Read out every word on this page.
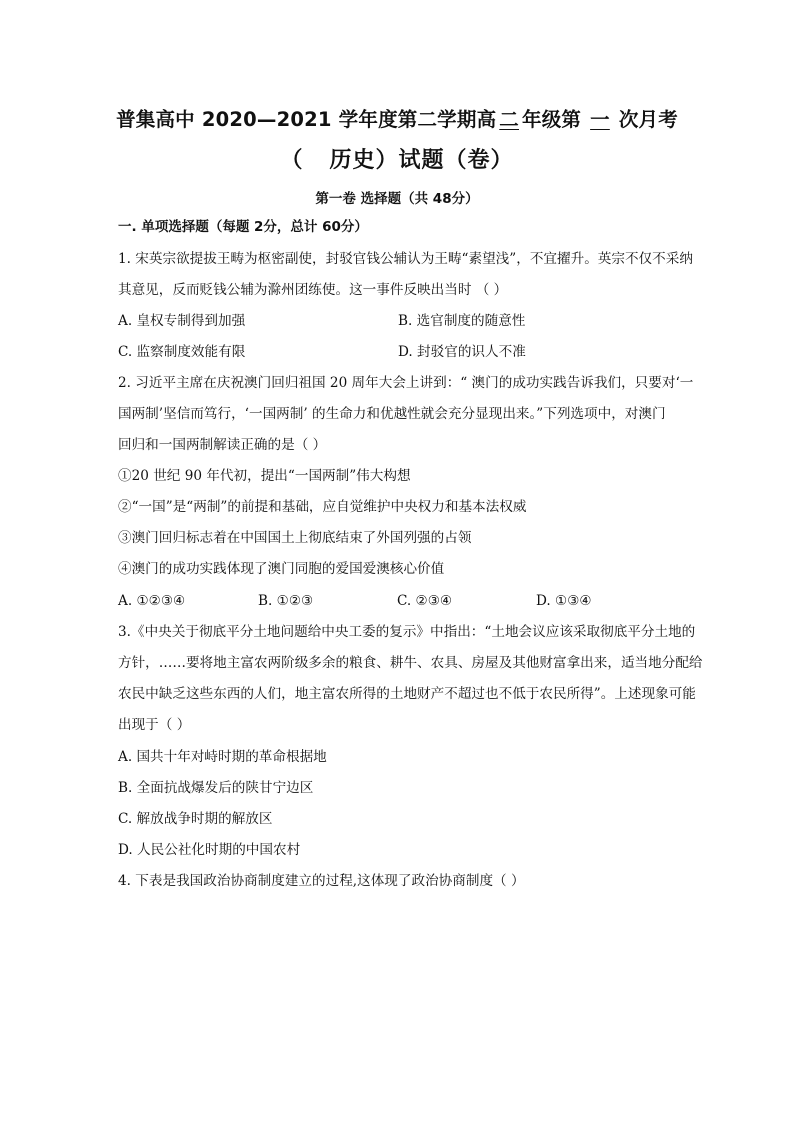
普集高中 2020—2021 学年度第二学期高 二 年级第 一 次月考
（ 历史）试题（卷）
第一卷 选择题（共 48分）
一. 单项选择题（每题 2分，总计 60分）
1. 宋英宗欲提拔王畴为枢密副使，封驳官钱公辅认为王畴“素望浅”，不宜擢升。英宗不仅不采纳
其意见，反而贬钱公辅为滁州团练使。这一事件反映出当时 （ ）
A. 皇权专制得到加强	B. 选官制度的随意性
C. 监察制度效能有限	D. 封驳官的识人不准
2. 习近平主席在庆祝澳门回归祖国 20 周年大会上讲到：“ 澳门的成功实践告诉我们，只要对‘一
国两制’坚信而笃行，‘一国两制’ 的生命力和优越性就会充分显现出来。”下列选项中，对澳门
回归和一国两制解读正确的是（ ）
①20 世纪 90 年代初，提出“一国两制”伟大构想
②“一国”是“两制”的前提和基础，应自觉维护中央权力和基本法权威
③澳门回归标志着在中国国土上彻底结束了外国列强的占领
④澳门的成功实践体现了澳门同胞的爱国爱澳核心价值
A. ①②③④	B. ①②③	C. ②③④	D. ①③④
3.《中央关于彻底平分土地问题给中央工委的复示》中指出：“土地会议应该采取彻底平分土地的
方针，……要将地主富农两阶级多余的粮食、耕牛、农具、房屋及其他财富拿出来，适当地分配给
农民中缺乏这些东西的人们，地主富农所得的土地财产不超过也不低于农民所得”。上述现象可能
出现于（ ）
A. 国共十年对峙时期的革命根据地
B. 全面抗战爆发后的陕甘宁边区
C. 解放战争时期的解放区
D. 人民公社化时期的中国农村
4. 下表是我国政治协商制度建立的过程,这体现了政治协商制度（ ）
